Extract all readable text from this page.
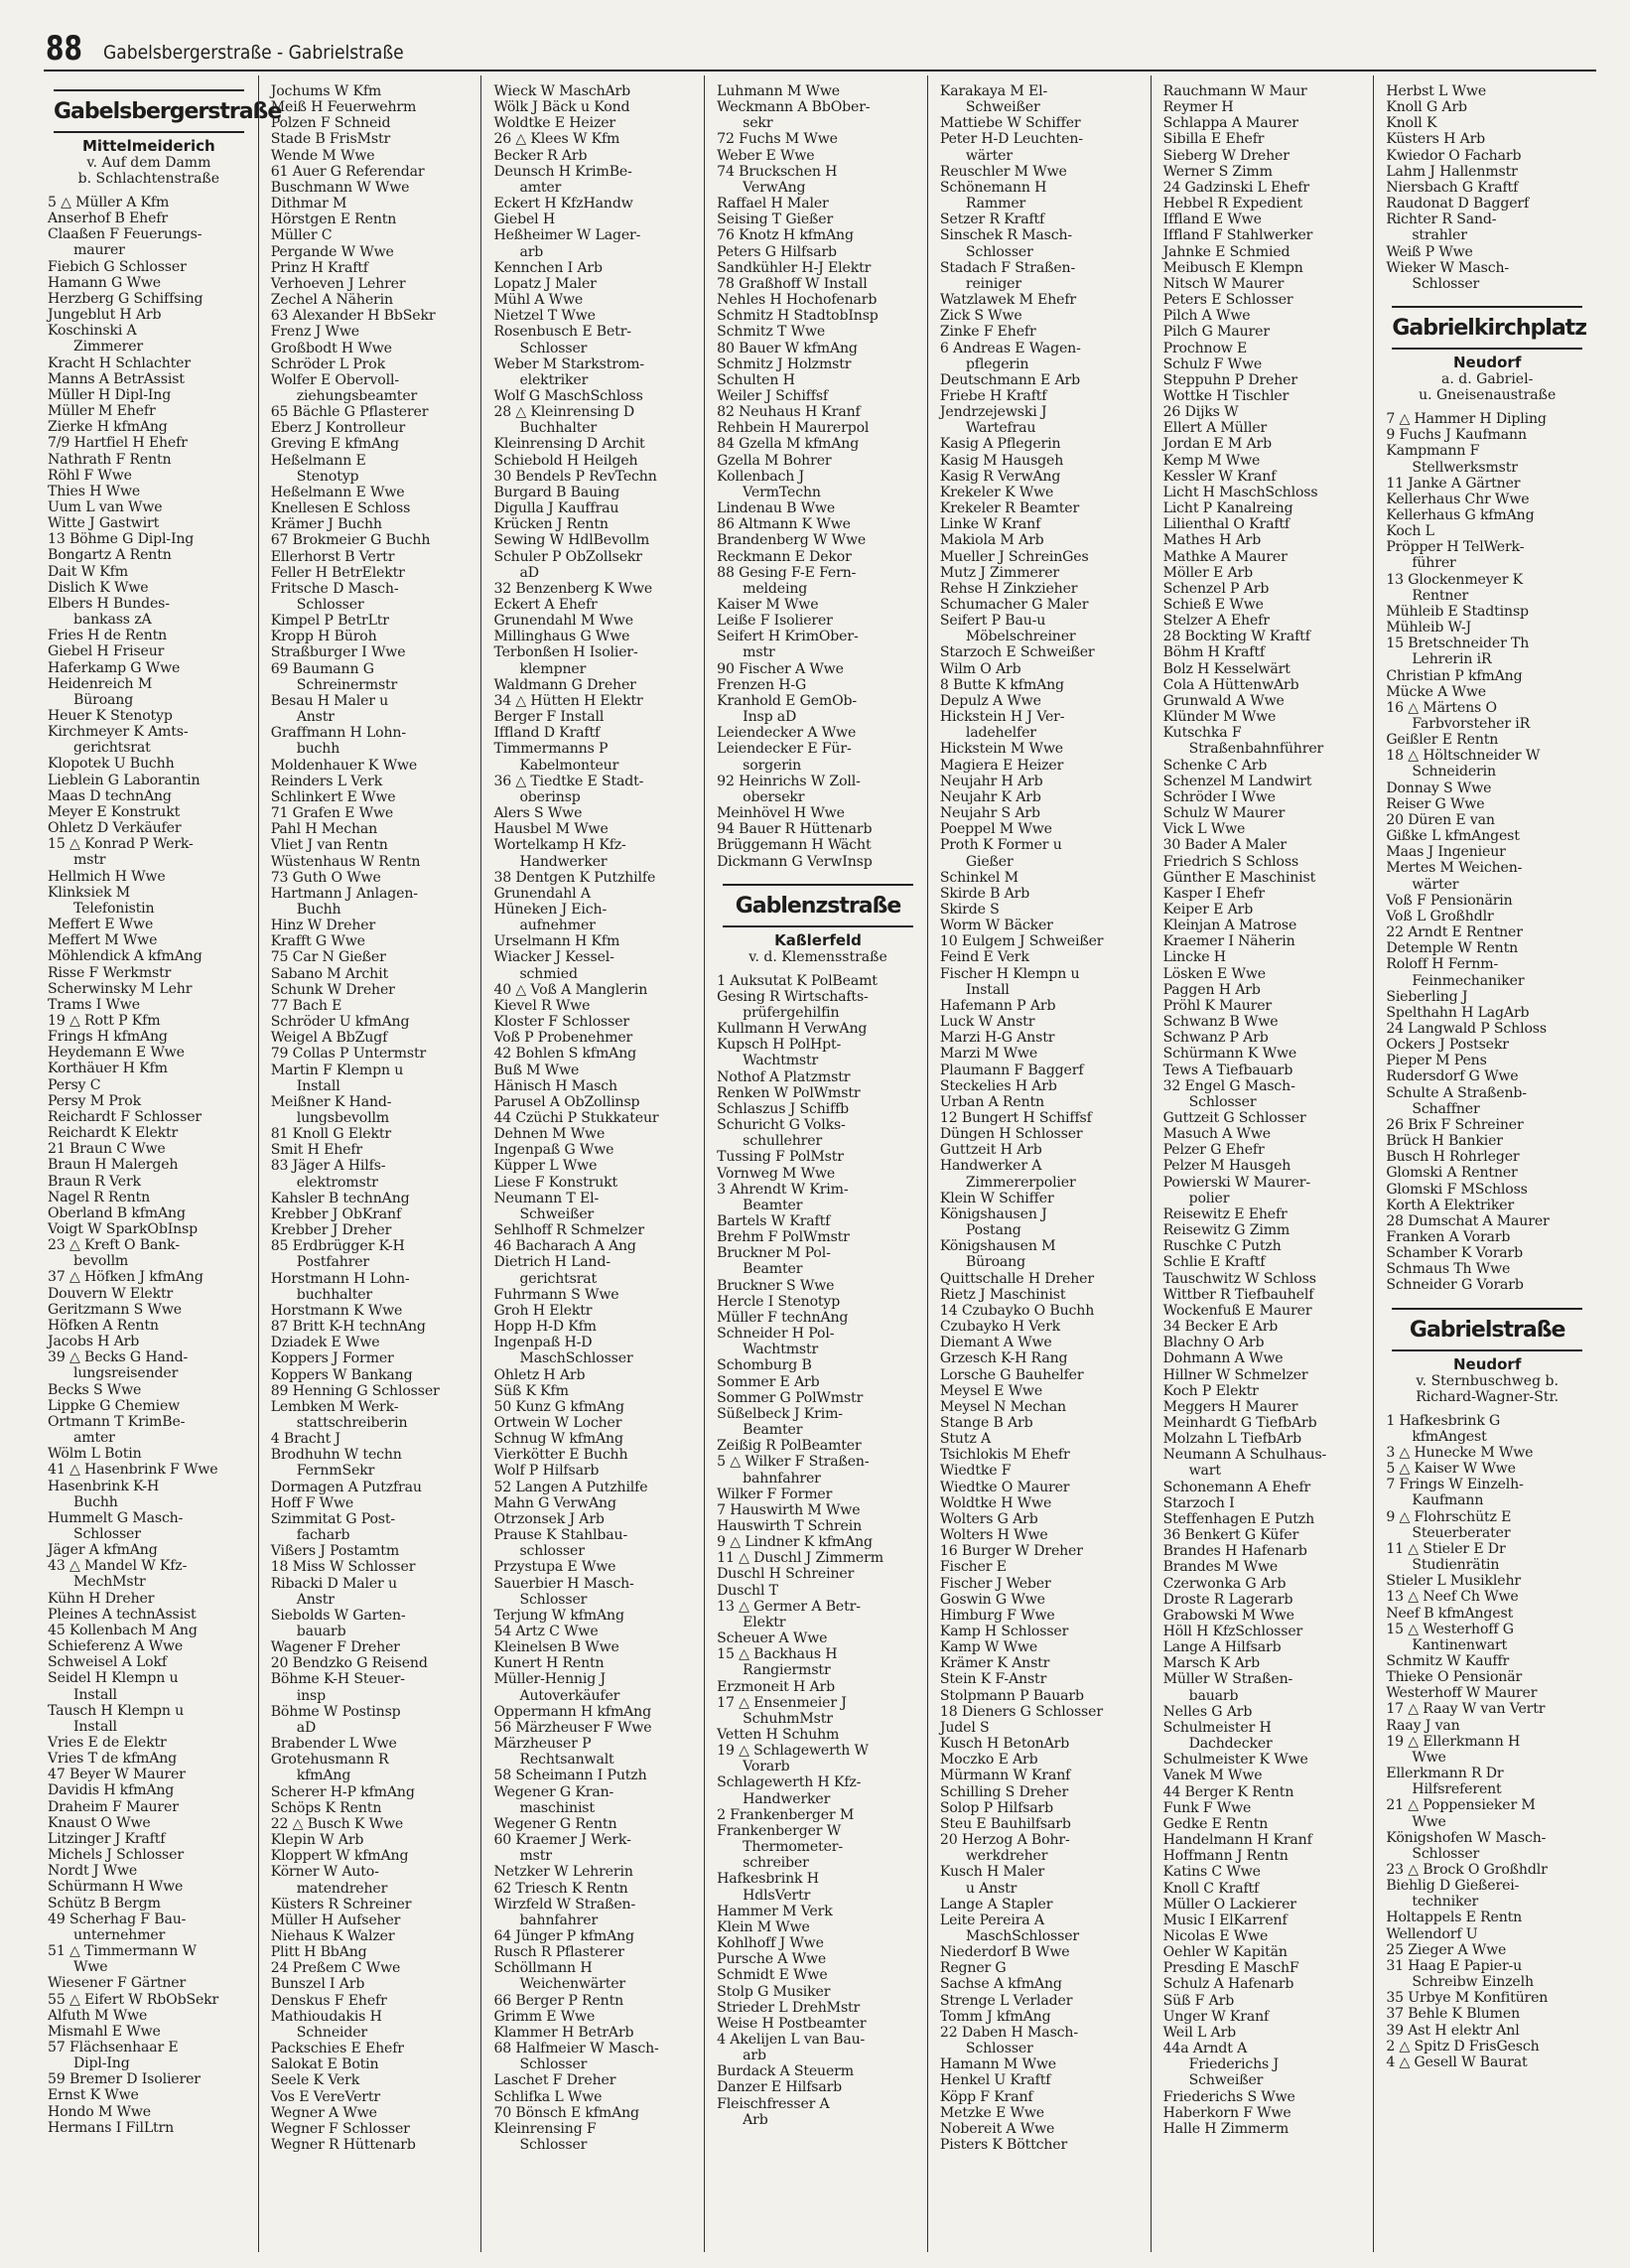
88 Gabelsbergerstraße - Gabrielstraße
Gabelsbergerstraße
Mittelmeiderich
v. Auf dem Damm
b. Schlachtenstraße
5 △ Müller A Kfm
Anserhof B Ehefr
Claaßen F Feuerungs-
maurer
Fiebich G Schlosser
Hamann G Wwe
Herzberg G Schiffsing
Jungeblut H Arb
Koschinski A
Zimmerer
Kracht H Schlachter
Manns A BetrAssist
Müller H Dipl-Ing
Müller M Ehefr
Zierke H kfmAng
7/9 Hartfiel H Ehefr
Nathrath F Rentn
Röhl F Wwe
Thies H Wwe
Uum L van Wwe
Witte J Gastwirt
13 Böhme G Dipl-Ing
Bongartz A Rentn
Dait W Kfm
Dislich K Wwe
Elbers H Bundes-
bankass zA
Fries H de Rentn
Giebel H Friseur
Haferkamp G Wwe
Heidenreich M
Büroang
Heuer K Stenotyp
Kirchmeyer K Amts-
gerichtsrat
Klopotek U Buchh
Lieblein G Laborantin
Maas D technAng
Meyer E Konstrukt
Ohletz D Verkäufer
15 △ Konrad P Werk-
mstr
Hellmich H Wwe
Klinksiek M
Telefonistin
Meffert E Wwe
Meffert M Wwe
Möhlendick A kfmAng
Risse F Werkmstr
Scherwinsky M Lehr
Trams I Wwe
19 △ Rott P Kfm
Frings H kfmAng
Heydemann E Wwe
Korthäuer H Kfm
Persy C
Persy M Prok
Reichardt F Schlosser
Reichardt K Elektr
21 Braun C Wwe
Braun H Malergeh
Braun R Verk
Nagel R Rentn
Oberland B kfmAng
Voigt W SparkObInsp
23 △ Kreft O Bank-
bevollm
37 △ Höfken J kfmAng
Douvern W Elektr
Geritzmann S Wwe
Höfken A Rentn
Jacobs H Arb
39 △ Becks G Hand-
lungsreisender
Becks S Wwe
Lippke G Chemiew
Ortmann T KrimBe-
amter
Wölm L Botin
41 △ Hasenbrink F Wwe
Hasenbrink K-H
Buchh
Hummelt G Masch-
Schlosser
Jäger A kfmAng
43 △ Mandel W Kfz-
MechMstr
Kühn H Dreher
Pleines A technAssist
45 Kollenbach M Ang
Schieferenz A Wwe
Schweisel A Lokf
Seidel H Klempn u
Install
Tausch H Klempn u
Install
Vries E de Elektr
Vries T de kfmAng
47 Beyer W Maurer
Davidis H kfmAng
Draheim F Maurer
Knaust O Wwe
Litzinger J Kraftf
Michels J Schlosser
Nordt J Wwe
Schürmann H Wwe
Schütz B Bergm
49 Scherhag F Bau-
unternehmer
51 △ Timmermann W
Wwe
Wiesener F Gärtner
55 △ Eifert W RbObSekr
Alfuth M Wwe
Mismahl E Wwe
57 Flächsenhaar E
Dipl-Ing
59 Bremer D Isolierer
Ernst K Wwe
Hondo M Wwe
Hermans I FilLtrn
Jochums W Kfm
Meiß H Feuerwehrm
Polzen F Schneid
Stade B FrisMstr
Wende M Wwe
61 Auer G Referendar
Buschmann W Wwe
Dithmar M
Hörstgen E Rentn
Müller C
Pergande W Wwe
Prinz H Kraftf
Verhoeven J Lehrer
Zechel A Näherin
63 Alexander H BbSekr
Frenz J Wwe
Großbodt H Wwe
Schröder L Prok
Wolfer E Obervoll-
ziehungsbeamter
65 Bächle G Pflasterer
Eberz J Kontrolleur
Greving E kfmAng
Heßelmann E
Stenotyp
Heßelmann E Wwe
Knellesen E Schloss
Krämer J Buchh
67 Brokmeier G Buchh
Ellerhorst B Vertr
Feller H BetrElektr
Fritsche D Masch-
Schlosser
Kimpel P BetrLtr
Kropp H Büroh
Straßburger I Wwe
69 Baumann G
Schreinermstr
Besau H Maler u
Anstr
Graffmann H Lohn-
buchh
Moldenhauer K Wwe
Reinders L Verk
Schlinkert E Wwe
71 Grafen E Wwe
Pahl H Mechan
Vliet J van Rentn
Wüstenhaus W Rentn
73 Guth O Wwe
Hartmann J Anlagen-
Buchh
Hinz W Dreher
Krafft G Wwe
75 Car N Gießer
Sabano M Archit
Schunk W Dreher
77 Bach E
Schröder U kfmAng
Weigel A BbZugf
79 Collas P Untermstr
Martin F Klempn u
Install
Meißner K Hand-
lungsbevollm
81 Knoll G Elektr
Smit H Ehefr
83 Jäger A Hilfs-
elektromstr
Kahsler B technAng
Krebber J ObKranf
Krebber J Dreher
85 Erdbrügger K-H
Postfahrer
Horstmann H Lohn-
buchhalter
Horstmann K Wwe
87 Britt K-H technAng
Dziadek E Wwe
Koppers J Former
Koppers W Bankang
89 Henning G Schlosser
Lembken M Werk-
stattschreiberin
4 Bracht J
Brodhuhn W techn
FernmSekr
Dormagen A Putzfrau
Hoff F Wwe
Szimmitat G Post-
facharb
Vißers J Postamtm
18 Miss W Schlosser
Ribacki D Maler u
Anstr
Siebolds W Garten-
bauarb
Wagener F Dreher
20 Bendzko G Reisend
Böhme K-H Steuer-
insp
Böhme W Postinsp
aD
Brabender L Wwe
Grotehusmann R
kfmAng
Scherer H-P kfmAng
Schöps K Rentn
22 △ Busch K Wwe
Klepin W Arb
Kloppert W kfmAng
Körner W Auto-
matendreher
Küsters R Schreiner
Müller H Aufseher
Niehaus K Walzer
Plitt H BbAng
24 Preßem C Wwe
Bunszel I Arb
Denskus F Ehefr
Mathioudakis H
Schneider
Packschies E Ehefr
Salokat E Botin
Seele K Verk
Vos E VereVertr
Wegner A Wwe
Wegner F Schlosser
Wegner R Hüttenarb
Wieck W MaschArb
Wölk J Bäck u Kond
Woldtke E Heizer
26 △ Klees W Kfm
Becker R Arb
Deunsch H KrimBe-
amter
Eckert H KfzHandw
Giebel H
Heßheimer W Lager-
arb
Kennchen I Arb
Lopatz J Maler
Mühl A Wwe
Nietzel T Wwe
Rosenbusch E Betr-
Schlosser
Weber M Starkstrom-
elektriker
Wolf G MaschSchloss
28 △ Kleinrensing D
Buchhalter
Kleinrensing D Archit
Schiebold H Heilgeh
30 Bendels P RevTechn
Burgard B Bauing
Digulla J Kauffrau
Krücken J Rentn
Sewing W HdlBevollm
Schuler P ObZollsekr
aD
32 Benzenberg K Wwe
Eckert A Ehefr
Grunendahl M Wwe
Millinghaus G Wwe
Terbonßen H Isolier-
klempner
Waldmann G Dreher
34 △ Hütten H Elektr
Berger F Install
Iffland D Kraftf
Timmermanns P
Kabelmonteur
36 △ Tiedtke E Stadt-
oberinsp
Alers S Wwe
Hausbel M Wwe
Wortelkamp H Kfz-
Handwerker
38 Dentgen K Putzhilfe
Grunendahl A
Hüneken J Eich-
aufnehmer
Urselmann H Kfm
Wiacker J Kessel-
schmied
40 △ Voß A Manglerin
Kievel R Wwe
Kloster F Schlosser
Voß P Probenehmer
42 Bohlen S kfmAng
Buß M Wwe
Hänisch H Masch
Parusel A ObZollinsp
44 Czüchi P Stukkateur
Dehnen M Wwe
Ingenpaß G Wwe
Küpper L Wwe
Liese F Konstrukt
Neumann T El-
Schweißer
Sehlhoff R Schmelzer
46 Bacharach A Ang
Dietrich H Land-
gerichtsrat
Fuhrmann S Wwe
Groh H Elektr
Hopp H-D Kfm
Ingenpaß H-D
MaschSchlosser
Ohletz H Arb
Süß K Kfm
50 Kunz G kfmAng
Ortwein W Locher
Schnug W kfmAng
Vierkötter E Buchh
Wolf P Hilfsarb
52 Langen A Putzhilfe
Mahn G VerwAng
Otrzonsek J Arb
Prause K Stahlbau-
schlosser
Przystupa E Wwe
Sauerbier H Masch-
Schlosser
Terjung W kfmAng
54 Artz C Wwe
Kleinelsen B Wwe
Kunert H Rentn
Müller-Hennig J
Autoverkäufer
Oppermann H kfmAng
56 Märzheuser F Wwe
Märzheuser P
Rechtsanwalt
58 Scheimann I Putzh
Wegener G Kran-
maschinist
Wegener G Rentn
60 Kraemer J Werk-
mstr
Netzker W Lehrerin
62 Triesch K Rentn
Wirzfeld W Straßen-
bahnfahrer
64 Jünger P kfmAng
Rusch R Pflasterer
Schöllmann H
Weichenwärter
66 Berger P Rentn
Grimm E Wwe
Klammer H BetrArb
68 Halfmeier W Masch-
Schlosser
Laschet F Dreher
Schlifka L Wwe
70 Bönsch E kfmAng
Kleinrensing F
Schlosser
Luhmann M Wwe
Weckmann A BbOber-
sekr
72 Fuchs M Wwe
Weber E Wwe
74 Bruckschen H
VerwAng
Raffael H Maler
Seising T Gießer
76 Knotz H kfmAng
Peters G Hilfsarb
Sandkühler H-J Elektr
78 Graßhoff W Install
Nehles H Hochofenarb
Schmitz H StadtobInsp
Schmitz T Wwe
80 Bauer W kfmAng
Schmitz J Holzmstr
Schulten H
Weiler J Schiffsf
82 Neuhaus H Kranf
Rehbein H Maurerpol
84 Gzella M kfmAng
Gzella M Bohrer
Kollenbach J
VermTechn
Lindenau B Wwe
86 Altmann K Wwe
Brandenberg W Wwe
Reckmann E Dekor
88 Gesing F-E Fern-
meldeing
Kaiser M Wwe
Leiße F Isolierer
Seifert H KrimOber-
mstr
90 Fischer A Wwe
Frenzen H-G
Kranhold E GemOb-
Insp aD
Leiendecker A Wwe
Leiendecker E Für-
sorgerin
92 Heinrichs W Zoll-
obersekr
Meinhövel H Wwe
94 Bauer R Hüttenarb
Brüggemann H Wächt
Dickmann G VerwInsp
Gablenzstraße
Kaßlerfeld
v. d. Klemensstraße
1 Auksutat K PolBeamt
Gesing R Wirtschafts-
prüfergehilfin
Kullmann H VerwAng
Kupsch H PolHpt-
Wachtmstr
Nothof A Platzmstr
Renken W PolWmstr
Schlaszus J Schiffb
Schuricht G Volks-
schullehrer
Tussing F PolMstr
Vornweg M Wwe
3 Ahrendt W Krim-
Beamter
Bartels W Kraftf
Brehm F PolWmstr
Bruckner M Pol-
Beamter
Bruckner S Wwe
Hercle I Stenotyp
Müller F technAng
Schneider H Pol-
Wachtmstr
Schomburg B
Sommer E Arb
Sommer G PolWmstr
Süßelbeck J Krim-
Beamter
Zeißig R PolBeamter
5 △ Wilker F Straßen-
bahnfahrer
Wilker F Former
7 Hauswirth M Wwe
Hauswirth T Schrein
9 △ Lindner K kfmAng
11 △ Duschl J Zimmerm
Duschl H Schreiner
Duschl T
13 △ Germer A Betr-
Elektr
Scheuer A Wwe
15 △ Backhaus H
Rangiermstr
Erzmoneit H Arb
17 △ Ensenmeier J
SchuhmMstr
Vetten H Schuhm
19 △ Schlagewerth W
Vorarb
Schlagewerth H Kfz-
Handwerker
2 Frankenberger M
Frankenberger W
Thermometer-
schreiber
Hafkesbrink H
HdlsVertr
Hammer M Verk
Klein M Wwe
Kohlhoff J Wwe
Pursche A Wwe
Schmidt E Wwe
Stolp G Musiker
Strieder L DrehMstr
Weise H Postbeamter
4 Akelijen L van Bau-
arb
Burdack A Steuerm
Danzer E Hilfsarb
Fleischfresser A
Arb
Karakaya M El-
Schweißer
Mattiebe W Schiffer
Peter H-D Leuchten-
wärter
Reuschler M Wwe
Schönemann H
Rammer
Setzer R Kraftf
Sinschek R Masch-
Schlosser
Stadach F Straßen-
reiniger
Watzlawek M Ehefr
Zick S Wwe
Zinke F Ehefr
6 Andreas E Wagen-
pflegerin
Deutschmann E Arb
Friebe H Kraftf
Jendrzejewski J
Wartefrau
Kasig A Pflegerin
Kasig M Hausgeh
Kasig R VerwAng
Krekeler K Wwe
Krekeler R Beamter
Linke W Kranf
Makiola M Arb
Mueller J SchreinGes
Mutz J Zimmerer
Rehse H Zinkzieher
Schumacher G Maler
Seifert P Bau-u
Möbelschreiner
Starzoch E Schweißer
Wilm O Arb
8 Butte K kfmAng
Depulz A Wwe
Hickstein H J Ver-
ladehelfer
Hickstein M Wwe
Magiera E Heizer
Neujahr H Arb
Neujahr K Arb
Neujahr S Arb
Poeppel M Wwe
Proth K Former u
Gießer
Schinkel M
Skirde B Arb
Skirde S
Worm W Bäcker
10 Eulgem J Schweißer
Feind E Verk
Fischer H Klempn u
Install
Hafemann P Arb
Luck W Anstr
Marzi H-G Anstr
Marzi M Wwe
Plaumann F Baggerf
Steckelies H Arb
Urban A Rentn
12 Bungert H Schiffsf
Düngen H Schlosser
Guttzeit H Arb
Handwerker A
Zimmererpolier
Klein W Schiffer
Königshausen J
Postang
Königshausen M
Büroang
Quittschalle H Dreher
Rietz J Maschinist
14 Czubayko O Buchh
Czubayko H Verk
Diemant A Wwe
Grzesch K-H Rang
Lorsche G Bauhelfer
Meysel E Wwe
Meysel N Mechan
Stange B Arb
Stutz A
Tsichlokis M Ehefr
Wiedtke F
Wiedtke O Maurer
Woldtke H Wwe
Wolters G Arb
Wolters H Wwe
16 Burger W Dreher
Fischer E
Fischer J Weber
Goswin G Wwe
Himburg F Wwe
Kamp H Schlosser
Kamp W Wwe
Krämer K Anstr
Stein K F-Anstr
Stolpmann P Bauarb
18 Dieners G Schlosser
Judel S
Kusch H BetonArb
Moczko E Arb
Mürmann W Kranf
Schilling S Dreher
Solop P Hilfsarb
Steu E Bauhilfsarb
20 Herzog A Bohr-
werkdreher
Kusch H Maler
u Anstr
Lange A Stapler
Leite Pereira A
MaschSchlosser
Niederdorf B Wwe
Regner G
Sachse A kfmAng
Strenge L Verlader
Tomm J kfmAng
22 Daben H Masch-
Schlosser
Hamann M Wwe
Henkel U Kraftf
Köpp F Kranf
Metzke E Wwe
Nobereit A Wwe
Pisters K Böttcher
Rauchmann W Maur
Reymer H
Schlappa A Maurer
Sibilla E Ehefr
Sieberg W Dreher
Werner S Zimm
24 Gadzinski L Ehefr
Hebbel R Expedient
Iffland E Wwe
Iffland F Stahlwerker
Jahnke E Schmied
Meibusch E Klempn
Nitsch W Maurer
Peters E Schlosser
Pilch A Wwe
Pilch G Maurer
Prochnow E
Schulz F Wwe
Steppuhn P Dreher
Wottke H Tischler
26 Dijks W
Ellert A Müller
Jordan E M Arb
Kemp M Wwe
Kessler W Kranf
Licht H MaschSchloss
Licht P Kanalreing
Lilienthal O Kraftf
Mathes H Arb
Mathke A Maurer
Möller E Arb
Schenzel P Arb
Schieß E Wwe
Stelzer A Ehefr
28 Bockting W Kraftf
Böhm H Kraftf
Bolz H Kesselwärt
Cola A HüttenwArb
Grunwald A Wwe
Klünder M Wwe
Kutschka F
Straßenbahnführer
Schenke C Arb
Schenzel M Landwirt
Schröder I Wwe
Schulz W Maurer
Vick L Wwe
30 Bader A Maler
Friedrich S Schloss
Günther E Maschinist
Kasper I Ehefr
Keiper E Arb
Kleinjan A Matrose
Kraemer I Näherin
Lincke H
Lösken E Wwe
Paggen H Arb
Pröhl K Maurer
Schwanz B Wwe
Schwanz P Arb
Schürmann K Wwe
Tews A Tiefbauarb
32 Engel G Masch-
Schlosser
Guttzeit G Schlosser
Masuch A Wwe
Pelzer G Ehefr
Pelzer M Hausgeh
Powierski W Maurer-
polier
Reisewitz E Ehefr
Reisewitz G Zimm
Ruschke C Putzh
Schlie E Kraftf
Tauschwitz W Schloss
Wittber R Tiefbauhelf
Wockenfuß E Maurer
34 Becker E Arb
Blachny O Arb
Dohmann A Wwe
Hillner W Schmelzer
Koch P Elektr
Meggers H Maurer
Meinhardt G TiefbArb
Molzahn L TiefbArb
Neumann A Schulhaus-
wart
Schonemann A Ehefr
Starzoch I
Steffenhagen E Putzh
36 Benkert G Küfer
Brandes H Hafenarb
Brandes M Wwe
Czerwonka G Arb
Droste R Lagerarb
Grabowski M Wwe
Höll H KfzSchlosser
Lange A Hilfsarb
Marsch K Arb
Müller W Straßen-
bauarb
Nelles G Arb
Schulmeister H
Dachdecker
Schulmeister K Wwe
Vanek M Wwe
44 Berger K Rentn
Funk F Wwe
Gedke E Rentn
Handelmann H Kranf
Hoffmann J Rentn
Katins C Wwe
Knoll C Kraftf
Müller O Lackierer
Music I ElKarrenf
Nicolas E Wwe
Oehler W Kapitän
Presding E MaschF
Schulz A Hafenarb
Süß F Arb
Unger W Kranf
Weil L Arb
44a Arndt A
Friederichs J
Schweißer
Friederichs S Wwe
Haberkorn F Wwe
Halle H Zimmerm
Herbst L Wwe
Knoll G Arb
Knoll K
Küsters H Arb
Kwiedor O Facharb
Lahm J Hallenmstr
Niersbach G Kraftf
Raudonat D Baggerf
Richter R Sand-
strahler
Weiß P Wwe
Wieker W Masch-
Schlosser
Gabrielkirchplatz
Neudorf
a. d. Gabriel-
u. Gneisenaustraße
7 △ Hammer H Dipling
9 Fuchs J Kaufmann
Kampmann F
Stellwerksmstr
11 Janke A Gärtner
Kellerhaus Chr Wwe
Kellerhaus G kfmAng
Koch L
Pröpper H TelWerk-
führer
13 Glockenmeyer K
Rentner
Mühleib E Stadtinsp
Mühleib W-J
15 Bretschneider Th
Lehrerin iR
Christian P kfmAng
Mücke A Wwe
16 △ Märtens O
Farbvorsteher iR
Geißler E Rentn
18 △ Höltschneider W
Schneiderin
Donnay S Wwe
Reiser G Wwe
20 Düren E van
Gißke L kfmAngest
Maas J Ingenieur
Mertes M Weichen-
wärter
Voß F Pensionärin
Voß L Großhdlr
22 Arndt E Rentner
Detemple W Rentn
Roloff H Fernm-
Feinmechaniker
Sieberling J
Spelthahn H LagArb
24 Langwald P Schloss
Ockers J Postsekr
Pieper M Pens
Rudersdorf G Wwe
Schulte A Straßenb-
Schaffner
26 Brix F Schreiner
Brück H Bankier
Busch H Rohrleger
Glomski A Rentner
Glomski F MSchloss
Korth A Elektriker
28 Dumschat A Maurer
Franken A Vorarb
Schamber K Vorarb
Schmaus Th Wwe
Schneider G Vorarb
Gabrielstraße
Neudorf
v. Sternbuschweg b.
Richard-Wagner-Str.
1 Hafkesbrink G
kfmAngest
3 △ Hunecke M Wwe
5 △ Kaiser W Wwe
7 Frings W Einzelh-
Kaufmann
9 △ Flohrschütz E
Steuerberater
11 △ Stieler E Dr
Studienrätin
Stieler L Musiklehr
13 △ Neef Ch Wwe
Neef B kfmAngest
15 △ Westerhoff G
Kantinenwart
Schmitz W Kauffr
Thieke O Pensionär
Westerhoff W Maurer
17 △ Raay W van Vertr
Raay J van
19 △ Ellerkmann H
Wwe
Ellerkmann R Dr
Hilfsreferent
21 △ Poppensieker M
Wwe
Königshofen W Masch-
Schlosser
23 △ Brock O Großhdlr
Biehlig D Gießerei-
techniker
Holtappels E Rentn
Wellendorf U
25 Zieger A Wwe
31 Haag E Papier-u
Schreibw Einzelh
35 Urbye M Konfitüren
37 Behle K Blumen
39 Ast H elektr Anl
2 △ Spitz D FrisGesch
4 △ Gesell W Baurat
